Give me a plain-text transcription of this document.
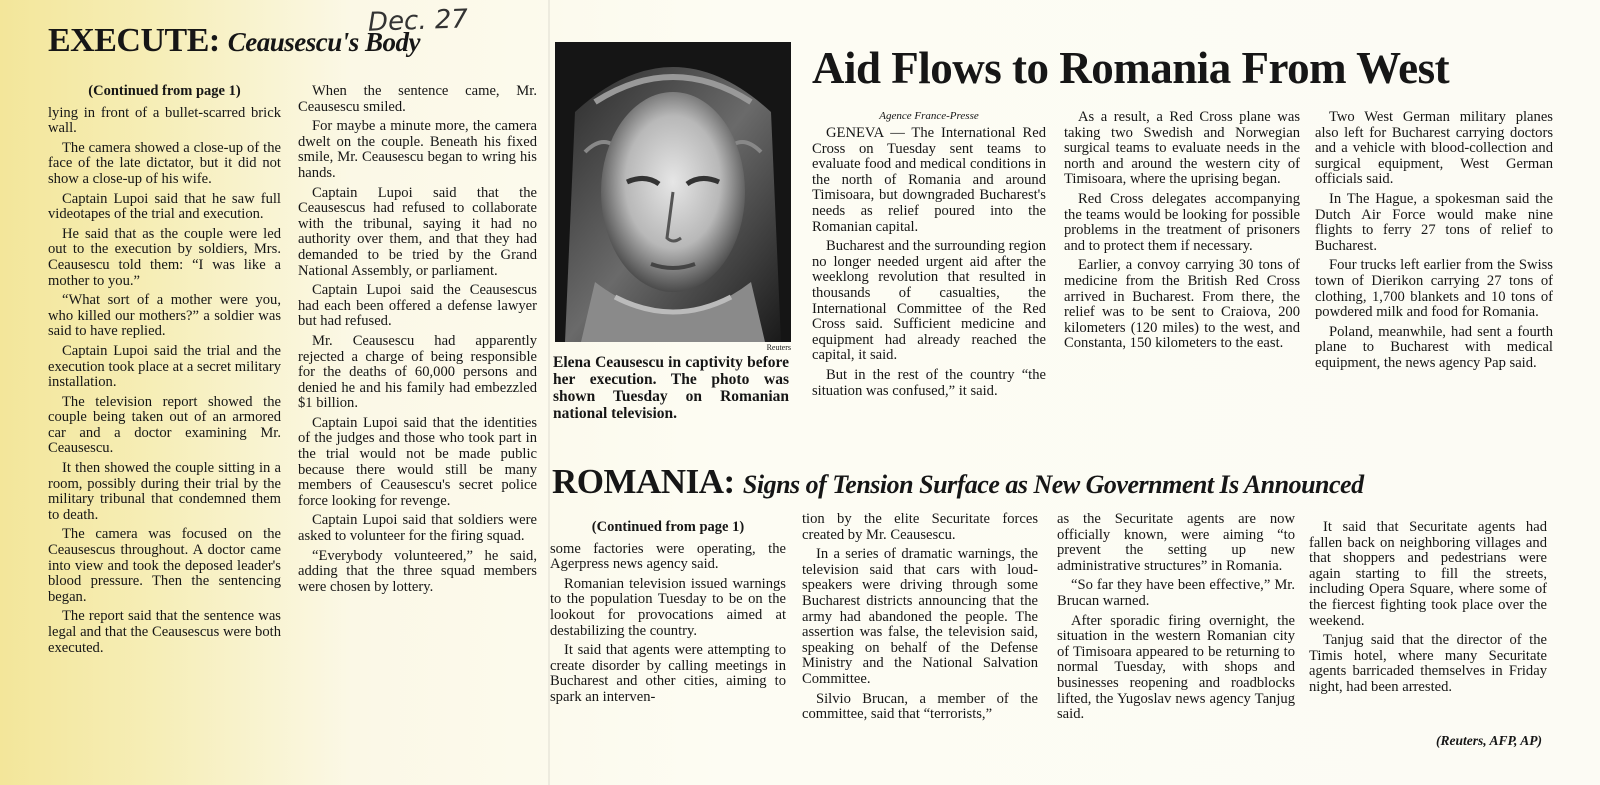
Dec. 27
EXECUTE: Ceausescu's Body
(Continued from page 1)

lying in front of a bullet-scarred brick wall.

The camera showed a close-up of the face of the late dictator, but it did not show a close-up of his wife.

Captain Lupoi said that he saw full videotapes of the trial and execution.

He said that as the couple were led out to the execution by soldiers, Mrs. Ceausescu told them: “I was like a mother to you.”

“What sort of a mother were you, who killed our mothers?” a soldier was said to have replied.

Captain Lupoi said the trial and the execution took place at a secret military installation.

The television report showed the couple being taken out of an armored car and a doctor examining Mr. Ceausescu.

It then showed the couple sitting in a room, possibly during their trial by the military tribunal that condemned them to death.

The camera was focused on the Ceausescus throughout. A doctor came into view and took the deposed leader's blood pressure. Then the sentencing began.

The report said that the sentence was legal and that the Ceausescus were both executed.

When the sentence came, Mr. Ceausescu smiled.

For maybe a minute more, the camera dwelt on the couple. Beneath his fixed smile, Mr. Ceausescu began to wring his hands.

Captain Lupoi said that the Ceausescus had refused to collaborate with the tribunal, saying it had no authority over them, and that they had demanded to be tried by the Grand National Assembly, or parliament.

Captain Lupoi said the Ceausescus had each been offered a defense lawyer but had refused.

Mr. Ceausescu had apparently rejected a charge of being responsible for the deaths of 60,000 persons and denied he and his family had embezzled $1 billion.

Captain Lupoi said that the identities of the judges and those who took part in the trial would not be made public because there would still be many members of Ceausescu's secret police force looking for revenge.

Captain Lupoi said that soldiers were asked to volunteer for the firing squad.

“Everybody volunteered,” he said, adding that the three squad members were chosen by lottery.

Reuters
Elena Ceausescu in captivity before her execution. The photo was shown Tuesday on Romanian national television.
Aid Flows to Romania From West
Agence France-Presse

GENEVA — The International Red Cross on Tuesday sent teams to evaluate food and medical conditions in the north of Romania and around Timisoara, but downgraded Bucharest's needs as relief poured into the Romanian capital.

Bucharest and the surrounding region no longer needed urgent aid after the weeklong revolution that resulted in thousands of casualties, the International Committee of the Red Cross said. Sufficient medicine and equipment had already reached the capital, it said.

But in the rest of the country “the situation was confused,” it said.

As a result, a Red Cross plane was taking two Swedish and Norwegian surgical teams to evaluate needs in the north and around the western city of Timisoara, where the uprising began.

Red Cross delegates accompanying the teams would be looking for possible problems in the treatment of prisoners and to protect them if necessary.

Earlier, a convoy carrying 30 tons of medicine from the British Red Cross arrived in Bucharest. From there, the relief was to be sent to Craiova, 200 kilometers (120 miles) to the west, and Constanta, 150 kilometers to the east.

Two West German military planes also left for Bucharest carrying doctors and a vehicle with blood-collection and surgical equipment, West German officials said.

In The Hague, a spokesman said the Dutch Air Force would make nine flights to ferry 27 tons of relief to Bucharest.

Four trucks left earlier from the Swiss town of Dierikon carrying 27 tons of clothing, 1,700 blankets and 10 tons of powdered milk and food for Romania.

Poland, meanwhile, had sent a fourth plane to Bucharest with medical equipment, the news agency Pap said.

ROMANIA: Signs of Tension Surface as New Government Is Announced
(Continued from page 1)

some factories were operating, the Agerpress news agency said.

Romanian television issued warnings to the population Tuesday to be on the lookout for provocations aimed at destabilizing the country.

It said that agents were attempting to create disorder by calling meetings in Bucharest and other cities, aiming to spark an interven-

tion by the elite Securitate forces created by Mr. Ceausescu.

In a series of dramatic warnings, the television said that cars with loud-speakers were driving through some Bucharest districts announcing that the army had abandoned the people. The assertion was false, the television said, speaking on behalf of the Defense Ministry and the National Salvation Committee.

Silvio Brucan, a member of the committee, said that “terrorists,”

as the Securitate agents are now officially known, were aiming “to prevent the setting up new administrative structures” in Romania.

“So far they have been effective,” Mr. Brucan warned.

After sporadic firing overnight, the situation in the western Romanian city of Timisoara appeared to be returning to normal Tuesday, with shops and businesses reopening and roadblocks lifted, the Yugoslav news agency Tanjug said.

It said that Securitate agents had fallen back on neighboring villages and that shoppers and pedestrians were again starting to fill the streets, including Opera Square, where some of the fiercest fighting took place over the weekend.

Tanjug said that the director of the Timis hotel, where many Securitate agents barricaded themselves in Friday night, had been arrested.

(Reuters, AFP, AP)
